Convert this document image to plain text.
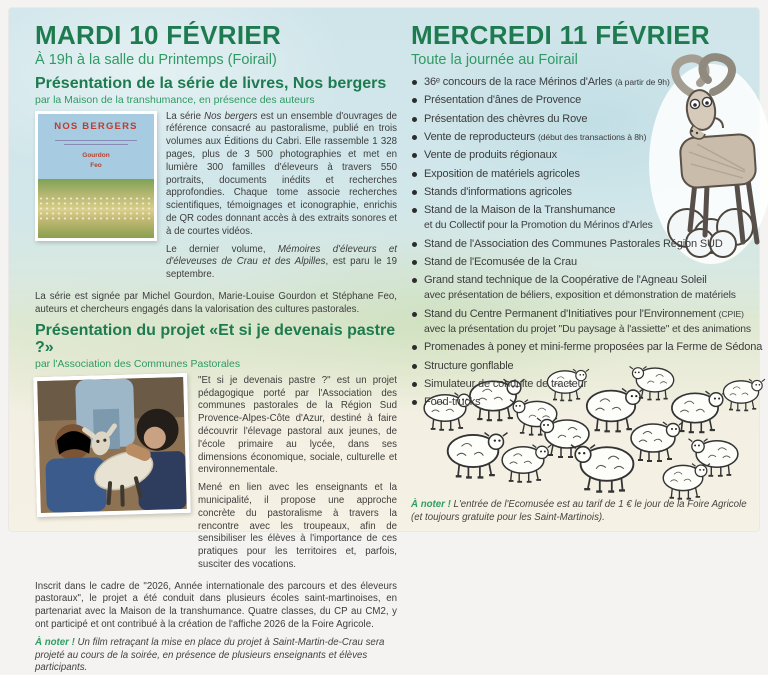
MARDI 10 FÉVRIER
À 19h à la salle du Printemps (Foirail)
Présentation de la série de livres, Nos bergers
par la Maison de la transhumance, en présence des auteurs
NOS BERGERS
Gourdon
Feo

La série Nos bergers est un ensemble d'ouvrages de référence consacré au pastoralisme, publié en trois volumes aux Éditions du Cabri. Elle rassemble 1 328 pages, plus de 3 500 photographies et met en lumière 300 familles d'éleveurs à travers 550 portraits, documents inédits et recherches approfondies. Chaque tome associe recherches scientifiques, témoignages et iconographie, enrichis de QR codes donnant accès à des extraits sonores et à de courtes vidéos.

Le dernier volume, Mémoires d'éleveurs et d'éleveuses de Crau et des Alpilles, est paru le 19 septembre.

La série est signée par Michel Gourdon, Marie-Louise Gourdon et Stéphane Feo, auteurs et chercheurs engagés dans la valorisation des cultures pastorales.

Présentation du projet «Et si je devenais pastre ?»
par l'Association des Communes Pastorales

"Et si je devenais pastre ?" est un projet pédagogique porté par l'Association des communes pastorales de la Région Sud Provence-Alpes-Côte d'Azur, destiné à faire découvrir l'élevage pastoral aux jeunes, de l'école primaire au lycée, dans ses dimensions économique, sociale, culturelle et environnementale.

Mené en lien avec les enseignants et la municipalité, il propose une approche concrète du pastoralisme à travers la rencontre avec les troupeaux, afin de sensibiliser les élèves à l'importance de ces pratiques pour les territoires et, parfois, susciter des vocations.

Inscrit dans le cadre de "2026, Année internationale des parcours et des éleveurs pastoraux", le projet a été conduit dans plusieurs écoles saint-martinoises, en partenariat avec la Maison de la transhumance. Quatre classes, du CP au CM2, y ont participé et ont contribué à la création de l'affiche 2026 de la Foire Agricole.

À noter ! Un film retraçant la mise en place du projet à Saint-Martin-de-Crau sera projeté au cours de la soirée, en présence de plusieurs enseignants et élèves participants.

MERCREDI 11 FÉVRIER
Toute la journée au Foirail
36ᵉ concours de la race Mérinos d'Arles (à partir de 9h)
Présentation d'ânes de Provence
Présentation des chèvres du Rove
Vente de reproducteurs (début des transactions à 8h)
Vente de produits régionaux
Exposition de matériels agricoles
Stands d'informations agricoles
Stand de la Maison de la Transhumance
et du Collectif pour la Promotion du Mérinos d'Arles
Stand de l'Association des Communes Pastorales Région SUD
Stand de l'Ecomusée de la Crau
Grand stand technique de la Coopérative de l'Agneau Soleil
avec présentation de béliers, exposition et démonstration de matériels
Stand du Centre Permanent d'Initiatives pour l'Environnement (CPIE)
avec la présentation du projet "Du paysage à l'assiette" et des animations
Promenades à poney et mini-ferme proposées par la Ferme de Sédona
Structure gonflable
Simulateur de conduite de tracteur
Food-trucks

À noter ! L'entrée de l'Ecomusée est au tarif de 1 € le jour de la Foire Agricole (et toujours gratuite pour les Saint-Martinois).
